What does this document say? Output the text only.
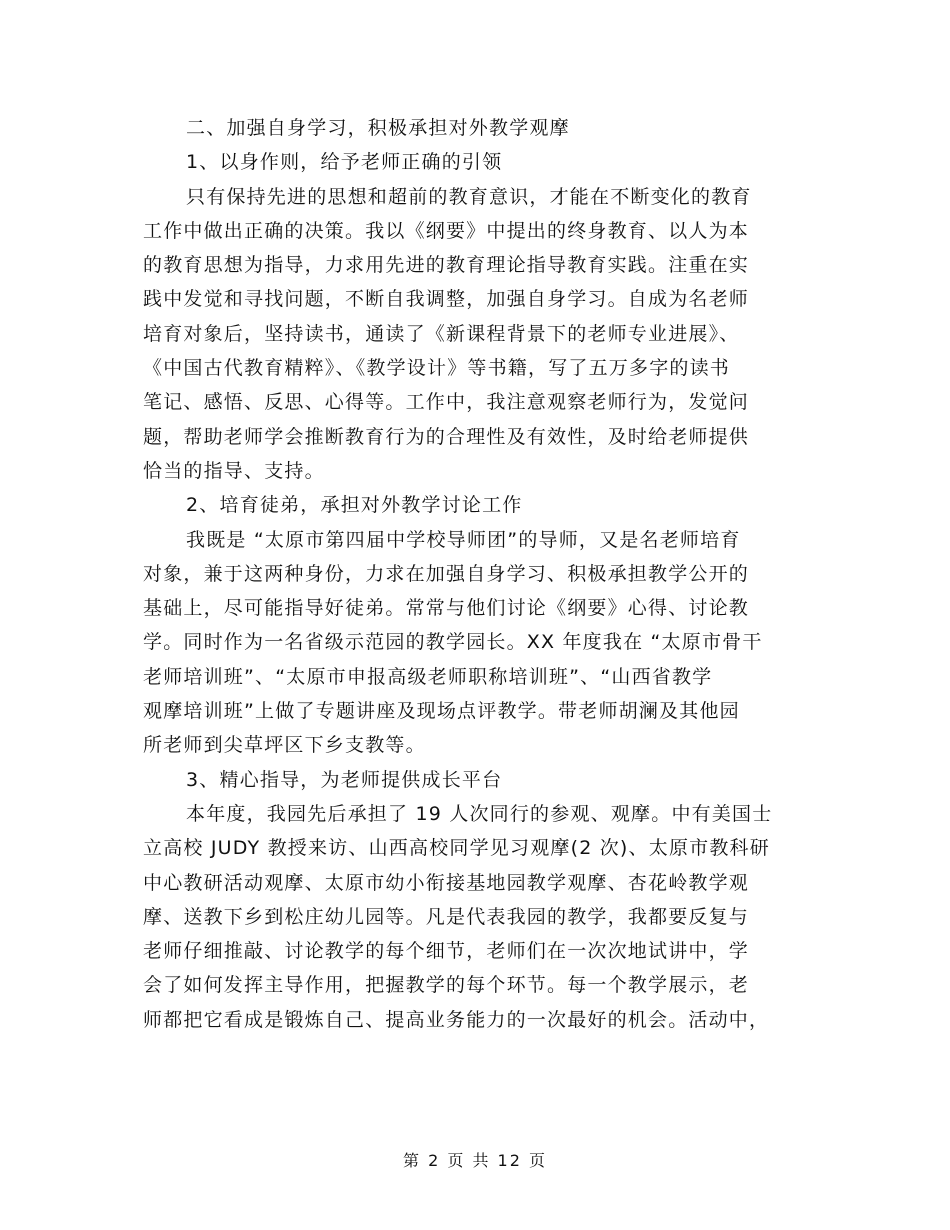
二、加强自身学习，积极承担对外教学观摩
1、以身作则，给予老师正确的引领
只有保持先进的思想和超前的教育意识，才能在不断变化的教育
工作中做出正确的决策。我以《纲要》中提出的终身教育、以人为本
的教育思想为指导，力求用先进的教育理论指导教育实践。注重在实
践中发觉和寻找问题，不断自我调整，加强自身学习。自成为名老师
培育对象后，坚持读书，通读了《新课程背景下的老师专业进展》、
《中国古代教育精粹》、《教学设计》等书籍，写了五万多字的读书
笔记、感悟、反思、心得等。工作中，我注意观察老师行为，发觉问
题，帮助老师学会推断教育行为的合理性及有效性，及时给老师提供
恰当的指导、支持。
2、培育徒弟，承担对外教学讨论工作
我既是 “太原市第四届中学校导师团”的导师，又是名老师培育
对象，兼于这两种身份，力求在加强自身学习、积极承担教学公开的
基础上，尽可能指导好徒弟。常常与他们讨论《纲要》心得、讨论教
学。同时作为一名省级示范园的教学园长。XX 年度我在 “太原市骨干
老师培训班”、“太原市申报高级老师职称培训班”、“山西省教学
观摩培训班”上做了专题讲座及现场点评教学。带老师胡澜及其他园
所老师到尖草坪区下乡支教等。
3、精心指导，为老师提供成长平台
本年度，我园先后承担了 19 人次同行的参观、观摩。中有美国士
立高校 JUDY 教授来访、山西高校同学见习观摩(2 次)、太原市教科研
中心教研活动观摩、太原市幼小衔接基地园教学观摩、杏花岭教学观
摩、送教下乡到松庄幼儿园等。凡是代表我园的教学，我都要反复与
老师仔细推敲、讨论教学的每个细节，老师们在一次次地试讲中，学
会了如何发挥主导作用，把握教学的每个环节。每一个教学展示，老
师都把它看成是锻炼自己、提高业务能力的一次最好的机会。活动中，
第 2 页 共 12 页
